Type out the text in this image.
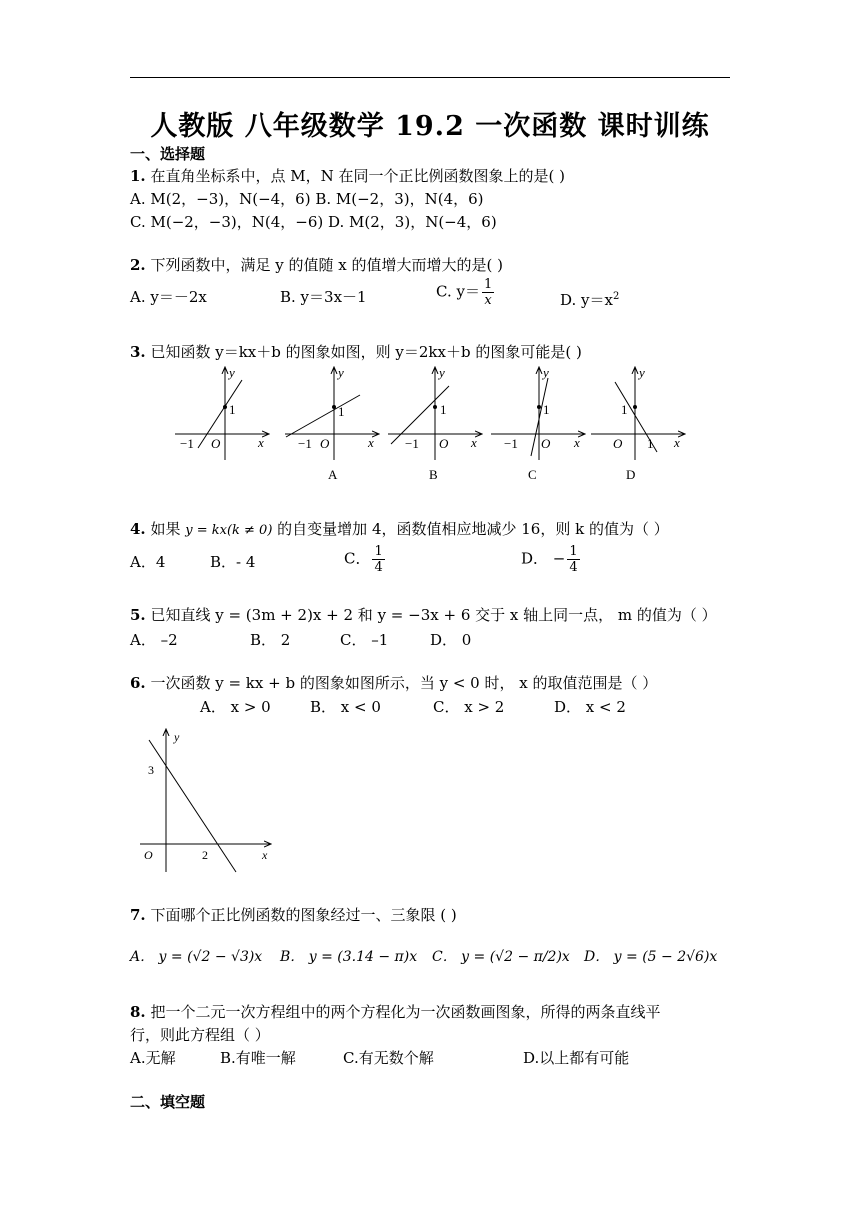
人教版 八年级数学 19.2 一次函数 课时训练
一、选择题
1. 在直角坐标系中，点 M，N 在同一个正比例函数图象上的是( )
A. M(2，−3)，N(−4，6) B. M(−2，3)，N(4，6)
C. M(−2，−3)，N(4，−6) D. M(2，3)，N(−4，6)
2. 下列函数中，满足 y 的值随 x 的值增大而增大的是( )
A. y＝－2x	B. y＝3x－1	C. $y= \frac{1}{x}$	D. $y=x^2$
3. 已知函数 y＝kx＋b 的图象如图，则 y＝2kx＋b 的图象可能是( )
y
x
1
−1 O
y
x
1
−1 O
A
y
x
1
−1 O
B
y
x
1
−1 O
C
y
x
1
1
O
D
4. 如果 y = kx(k ≠ 0) 的自变量增加 4，函数值相应地减少 16，则 k 的值为（ ）
A．4	B．- 4	C． $\frac{1}{4}$	D． − $\frac{1}{4}$
5. 已知直线 y = (3m + 2)x + 2 和 y = −3x + 6 交于 x 轴上同一点， m 的值为（ ）
A． –2	B． 2	C． –1	D． 0
6. 一次函数 y = kx + b 的图象如图所示，当 y < 0 时， x 的取值范围是（ ）
A． x > 0	B． x < 0	C． x > 2	D． x < 2
y
3
2
O	x
7. 下面哪个正比例函数的图象经过一、三象限 ( )
A． y = (√2 − √3)x B． y = (3.14 − π)x C． y = (√2 − π/2)x D． y = (5 − 2√6)x
8. 把一个二元一次方程组中的两个方程化为一次函数画图象，所得的两条直线平
行，则此方程组（ ）
A.无解	B.有唯一解	C.有无数个解	D.以上都有可能
二、填空题
